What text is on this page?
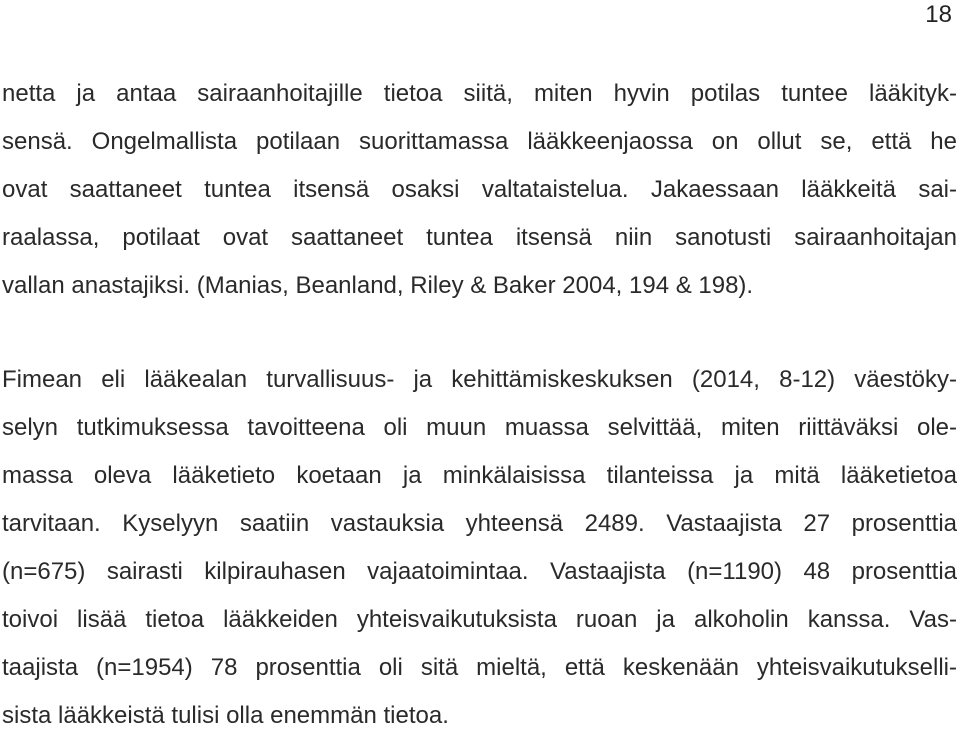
18
netta ja antaa sairaanhoitajille tietoa siitä, miten hyvin potilas tuntee lääkityk-
sensä. Ongelmallista potilaan suorittamassa lääkkeenjaossa on ollut se, että he
ovat saattaneet tuntea itsensä osaksi valtataistelua. Jakaessaan lääkkeitä sai-
raalassa, potilaat ovat saattaneet tuntea itsensä niin sanotusti sairaanhoitajan
vallan anastajiksi. (Manias, Beanland, Riley & Baker 2004, 194 & 198).
Fimean eli lääkealan turvallisuus- ja kehittämiskeskuksen (2014, 8-12) väestöky-
selyn tutkimuksessa tavoitteena oli muun muassa selvittää, miten riittäväksi ole-
massa oleva lääketieto koetaan ja minkälaisissa tilanteissa ja mitä lääketietoa
tarvitaan. Kyselyyn saatiin vastauksia yhteensä 2489. Vastaajista 27 prosenttia
(n=675) sairasti kilpirauhasen vajaatoimintaa. Vastaajista (n=1190) 48 prosenttia
toivoi lisää tietoa lääkkeiden yhteisvaikutuksista ruoan ja alkoholin kanssa. Vas-
taajista (n=1954) 78 prosenttia oli sitä mieltä, että keskenään yhteisvaikutukselli-
sista lääkkeistä tulisi olla enemmän tietoa.
